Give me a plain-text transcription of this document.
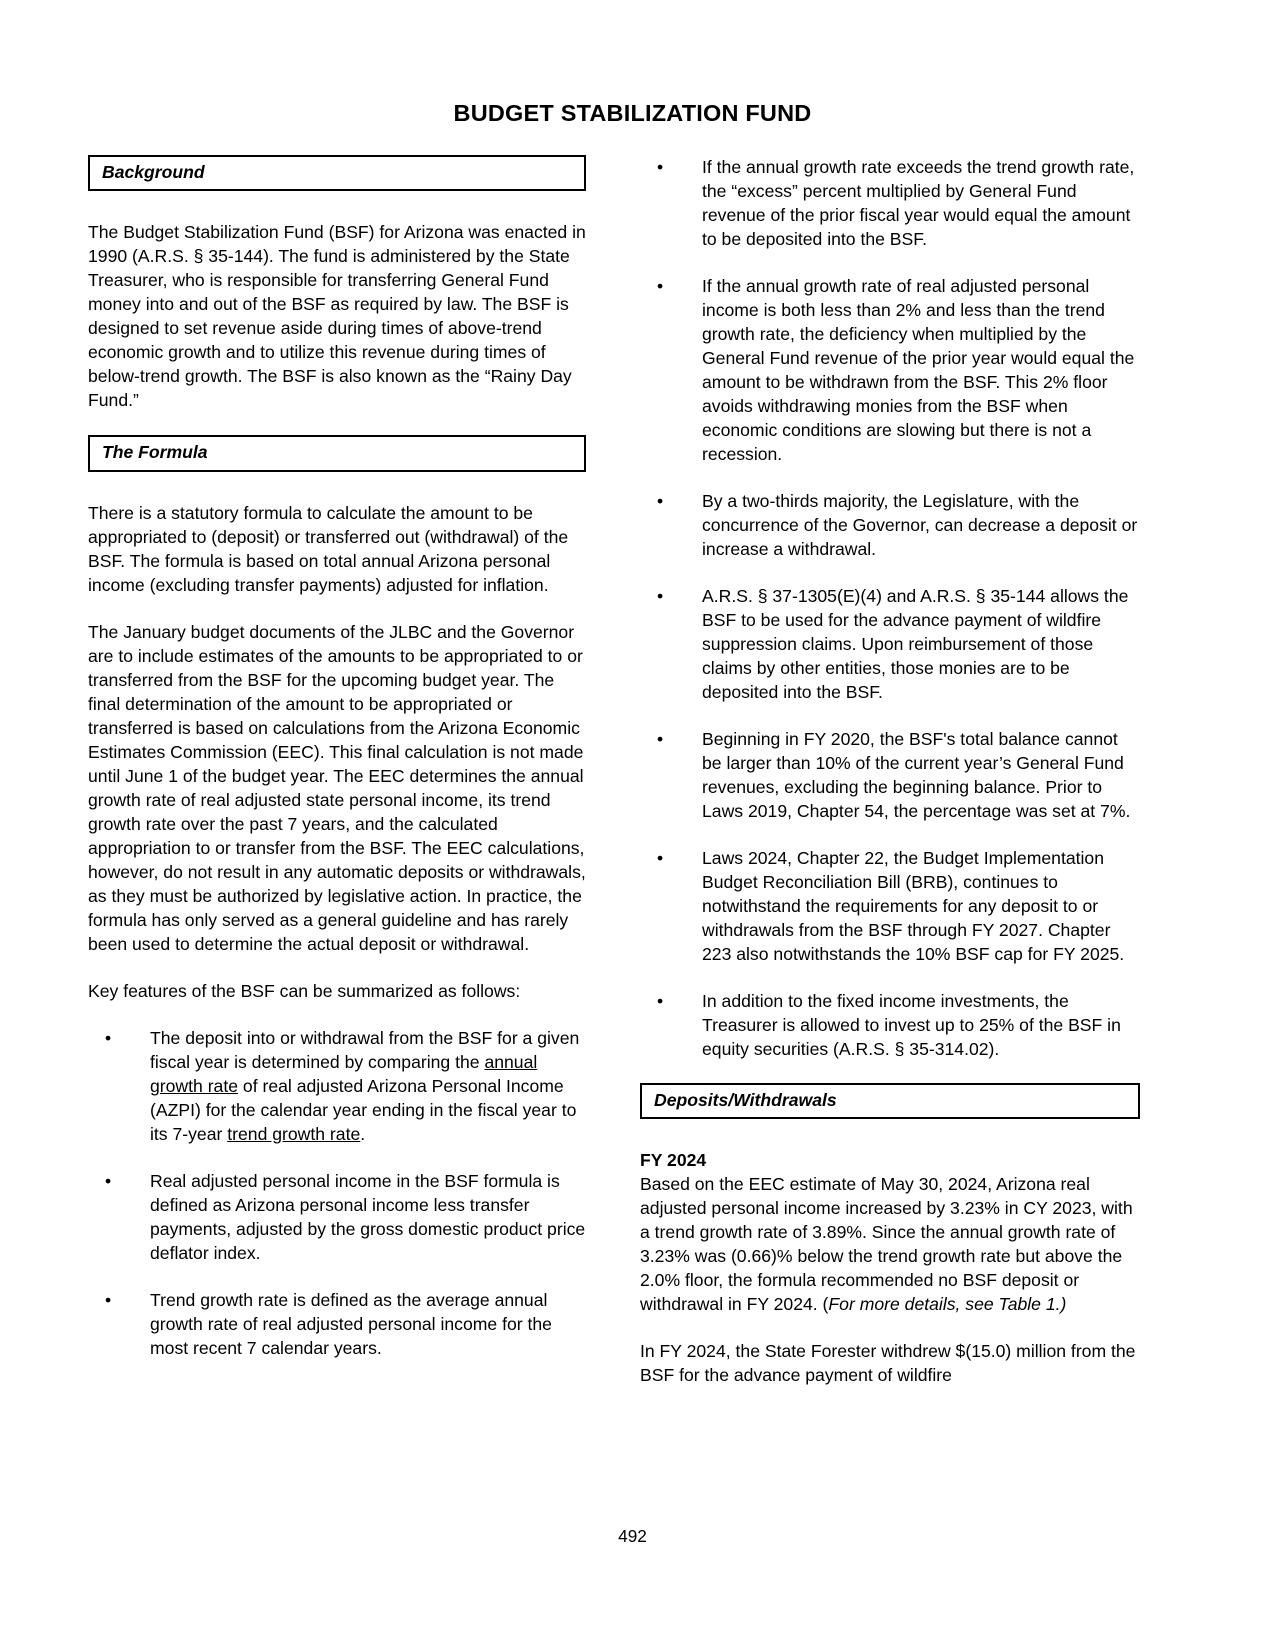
BUDGET STABILIZATION FUND
Background

The Budget Stabilization Fund (BSF) for Arizona was enacted in 1990 (A.R.S. § 35-144). The fund is administered by the State Treasurer, who is responsible for transferring General Fund money into and out of the BSF as required by law. The BSF is designed to set revenue aside during times of above-trend economic growth and to utilize this revenue during times of below-trend growth. The BSF is also known as the “Rainy Day Fund.”

The Formula

There is a statutory formula to calculate the amount to be appropriated to (deposit) or transferred out (withdrawal) of the BSF. The formula is based on total annual Arizona personal income (excluding transfer payments) adjusted for inflation.

The January budget documents of the JLBC and the Governor are to include estimates of the amounts to be appropriated to or transferred from the BSF for the upcoming budget year. The final determination of the amount to be appropriated or transferred is based on calculations from the Arizona Economic Estimates Commission (EEC). This final calculation is not made until June 1 of the budget year. The EEC determines the annual growth rate of real adjusted state personal income, its trend growth rate over the past 7 years, and the calculated appropriation to or transfer from the BSF. The EEC calculations, however, do not result in any automatic deposits or withdrawals, as they must be authorized by legislative action. In practice, the formula has only served as a general guideline and has rarely been used to determine the actual deposit or withdrawal.

Key features of the BSF can be summarized as follows:

• The deposit into or withdrawal from the BSF for a given fiscal year is determined by comparing the annual growth rate of real adjusted Arizona Personal Income (AZPI) for the calendar year ending in the fiscal year to its 7-year trend growth rate.
• Real adjusted personal income in the BSF formula is defined as Arizona personal income less transfer payments, adjusted by the gross domestic product price deflator index.
• Trend growth rate is defined as the average annual growth rate of real adjusted personal income for the most recent 7 calendar years.
• If the annual growth rate exceeds the trend growth rate, the “excess” percent multiplied by General Fund revenue of the prior fiscal year would equal the amount to be deposited into the BSF.
• If the annual growth rate of real adjusted personal income is both less than 2% and less than the trend growth rate, the deficiency when multiplied by the General Fund revenue of the prior year would equal the amount to be withdrawn from the BSF. This 2% floor avoids withdrawing monies from the BSF when economic conditions are slowing but there is not a recession.
• By a two-thirds majority, the Legislature, with the concurrence of the Governor, can decrease a deposit or increase a withdrawal.
• A.R.S. § 37-1305(E)(4) and A.R.S. § 35-144 allows the BSF to be used for the advance payment of wildfire suppression claims. Upon reimbursement of those claims by other entities, those monies are to be deposited into the BSF.
• Beginning in FY 2020, the BSF's total balance cannot be larger than 10% of the current year’s General Fund revenues, excluding the beginning balance. Prior to Laws 2019, Chapter 54, the percentage was set at 7%.
• Laws 2024, Chapter 22, the Budget Implementation Budget Reconciliation Bill (BRB), continues to notwithstand the requirements for any deposit to or withdrawals from the BSF through FY 2027. Chapter 223 also notwithstands the 10% BSF cap for FY 2025.
• In addition to the fixed income investments, the Treasurer is allowed to invest up to 25% of the BSF in equity securities (A.R.S. § 35-314.02).
Deposits/Withdrawals
FY 2024

Based on the EEC estimate of May 30, 2024, Arizona real adjusted personal income increased by 3.23% in CY 2023, with a trend growth rate of 3.89%. Since the annual growth rate of 3.23% was (0.66)% below the trend growth rate but above the 2.0% floor, the formula recommended no BSF deposit or withdrawal in FY 2024. (For more details, see Table 1.)

In FY 2024, the State Forester withdrew $(15.0) million from the BSF for the advance payment of wildfire

492
